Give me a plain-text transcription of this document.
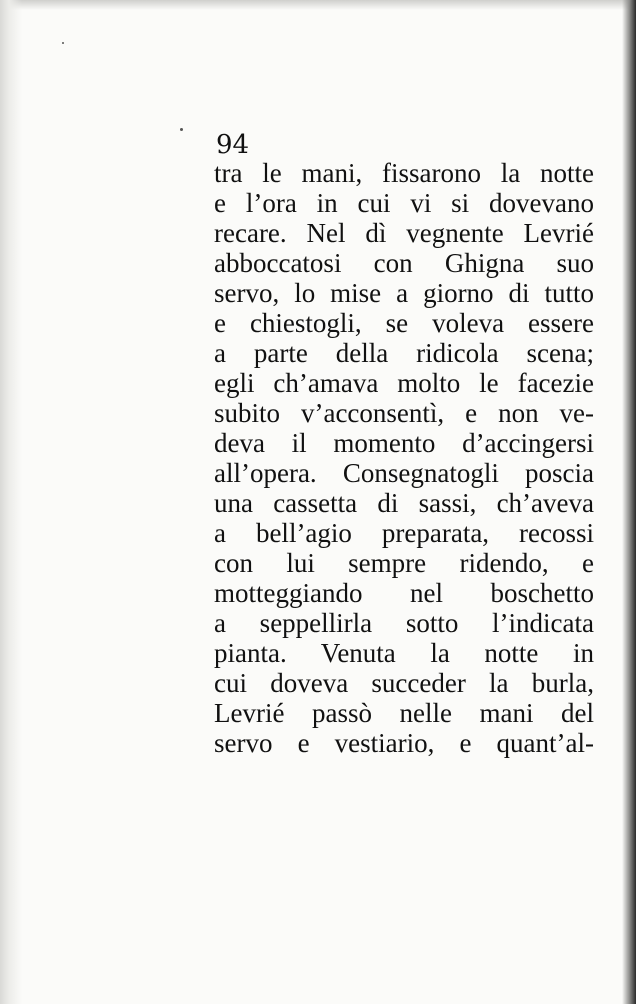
94
tra le mani, fissarono la notte
e l’ora in cui vi si dovevano
recare. Nel dì vegnente Levrié
abboccatosi con Ghigna suo
servo, lo mise a giorno di tutto
e chiestogli, se voleva essere
a parte della ridicola scena;
egli ch’amava molto le facezie
subito v’acconsentì, e non ve-
deva il momento d’accingersi
all’opera. Consegnatogli poscia
una cassetta di sassi, ch’aveva
a bell’agio preparata, recossi
con lui sempre ridendo, e
motteggiando nel boschetto
a seppellirla sotto l’indicata
pianta. Venuta la notte in
cui doveva succeder la burla,
Levrié passò nelle mani del
servo e vestiario, e quant’al-
